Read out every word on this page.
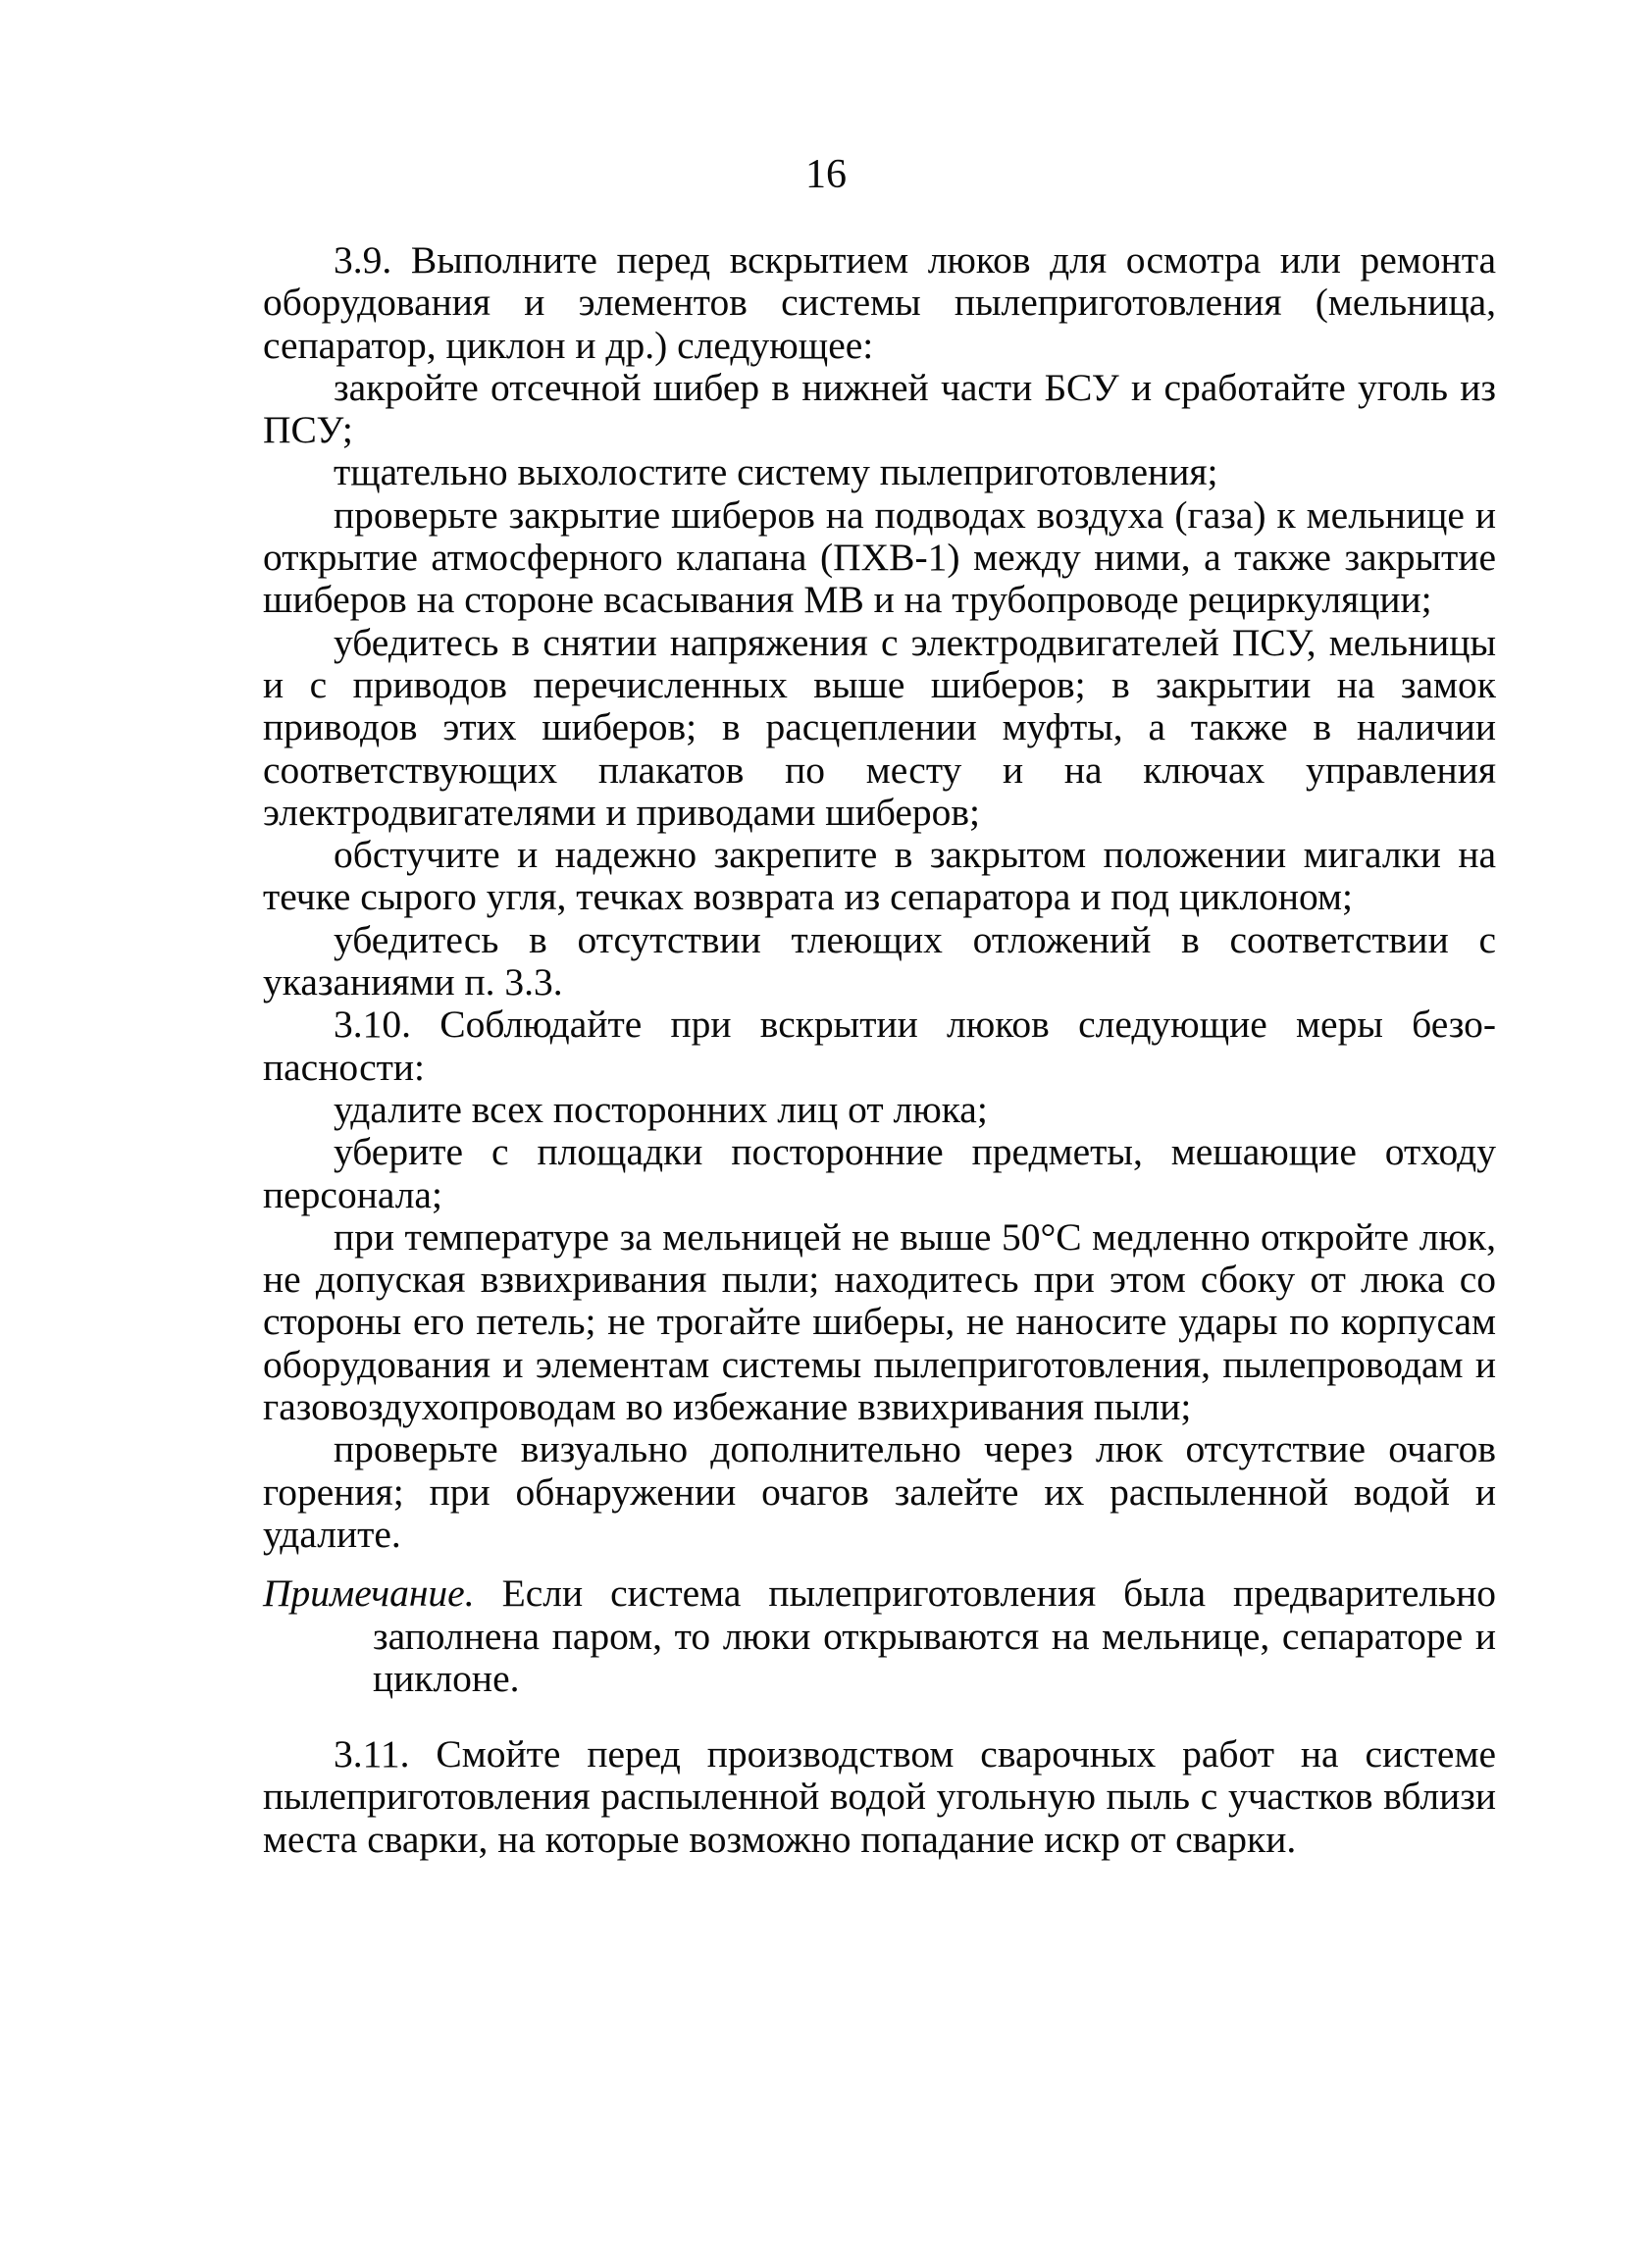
16

3.9. Выполните перед вскрытием люков для осмотра или ремонта оборудования и элементов системы пылеприготовления (мельница, сепаратор, циклон и др.) следующее:

закройте отсечной шибер в нижней части БСУ и сработайте уголь из ПСУ;

тщательно выхолостите систему пылеприготовления;

проверьте закрытие шиберов на подводах воздуха (газа) к мельнице и открытие атмосферного клапана (ПХВ-1) между ними, а также закрытие шиберов на стороне всасывания МВ и на трубопроводе рециркуляции;

убедитесь в снятии напряжения с электродвигателей ПСУ, мельницы и с приводов перечисленных выше шиберов; в закрытии на замок приводов этих шиберов; в расцеплении муфты, а также в наличии соответствующих плакатов по месту и на ключах управления электродвигателями и приводами шиберов;

обстучите и надежно закрепите в закрытом положении мигалки на течке сырого угля, течках возврата из сепаратора и под циклоном;

убедитесь в отсутствии тлеющих отложений в соответствии с указаниями п. 3.3.

3.10. Соблюдайте при вскрытии люков следующие меры безопасности:

удалите всех посторонних лиц от люка;

уберите с площадки посторонние предметы, мешающие отходу персонала;

при температуре за мельницей не выше 50°С медленно откройте люк, не допуская взвихривания пыли; находитесь при этом сбоку от люка со стороны его петель; не трогайте шиберы, не наносите удары по корпусам оборудования и элементам системы пылеприготовления, пылепроводам и газовоздухопроводам во избежание взвихривания пыли;

проверьте визуально дополнительно через люк отсутствие очагов горения; при обнаружении очагов залейте их распыленной водой и удалите.

Примечание. Если система пылеприготовления была предварительно заполнена паром, то люки открываются на мельнице, сепараторе и циклоне.

3.11. Смойте перед производством сварочных работ на системе пылеприготовления распыленной водой угольную пыль с участков вблизи места сварки, на которые возможно попадание искр от сварки.
